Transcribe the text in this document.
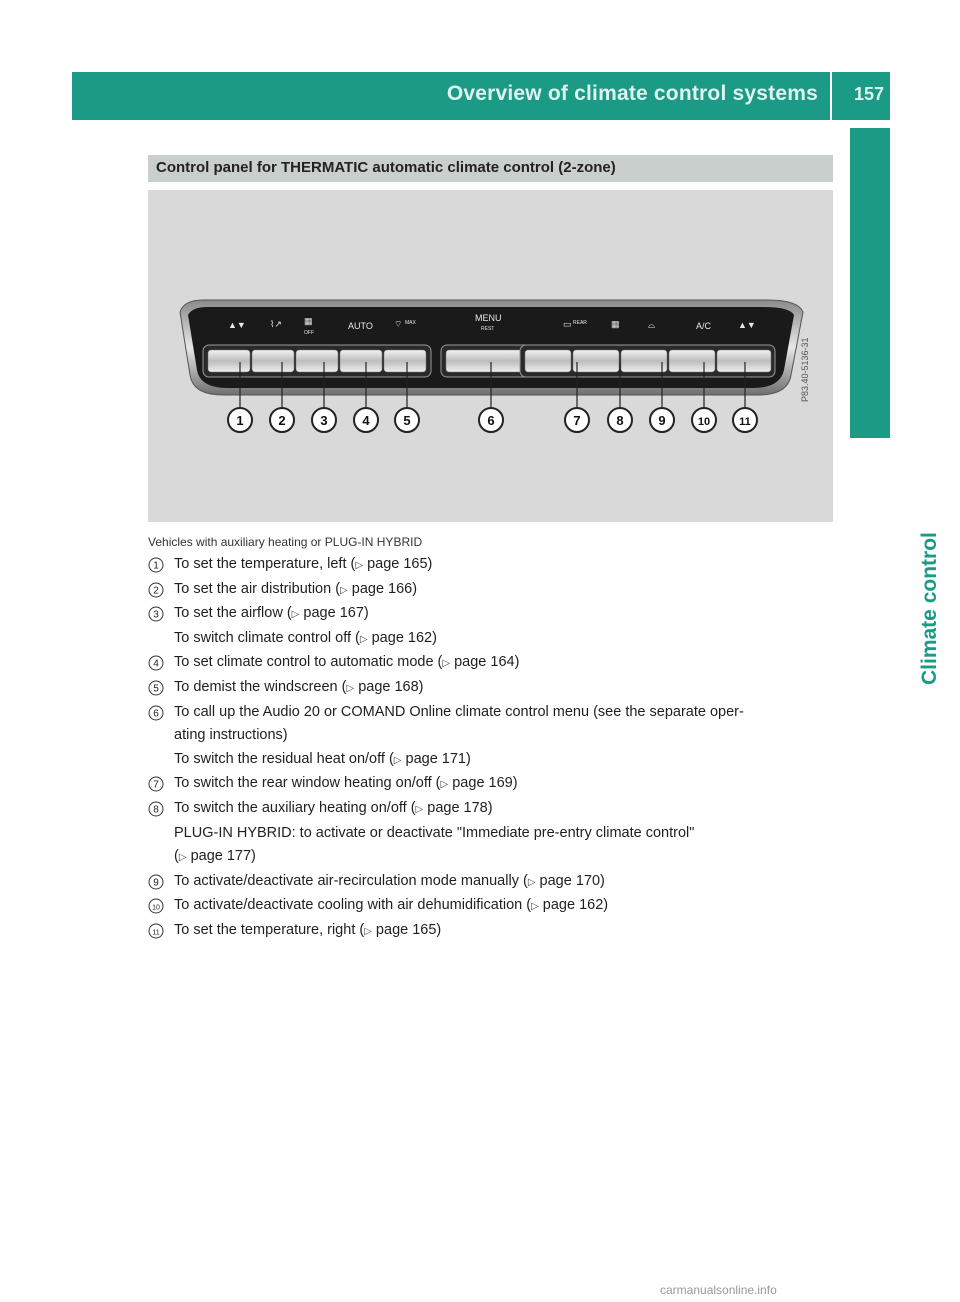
Overview of climate control systems 157
Climate control
Control panel for THERMATIC automatic climate control (2-zone)
▲▼	⌇↗ ▦
OFF
AUTO ⌔ MAX	MENU
REST	▭ REAR	▦	⌓	A/C	▲▼
1	2	3	4	5	6	7	8	9	10	11
P83.40-5136-31
Vehicles with auxiliary heating or PLUG-IN HYBRID
1 To set the temperature, left (▷ page 165)
2 To set the air distribution (▷ page 166)
3 To set the airflow (▷ page 167)
To switch climate control off (▷ page 162)
4 To set climate control to automatic mode (▷ page 164)
5 To demist the windscreen (▷ page 168)
6 To call up the Audio 20 or COMAND Online climate control menu (see the separate oper-
ating instructions)
To switch the residual heat on/off (▷ page 171)
7 To switch the rear window heating on/off (▷ page 169)
8 To switch the auxiliary heating on/off (▷ page 178)
PLUG-IN HYBRID: to activate or deactivate "Immediate pre-entry climate control"
(▷ page 177)
9 To activate/deactivate air-recirculation mode manually (▷ page 170)
10 To activate/deactivate cooling with air dehumidification (▷ page 162)
11 To set the temperature, right (▷ page 165)
carmanualsonline.info
